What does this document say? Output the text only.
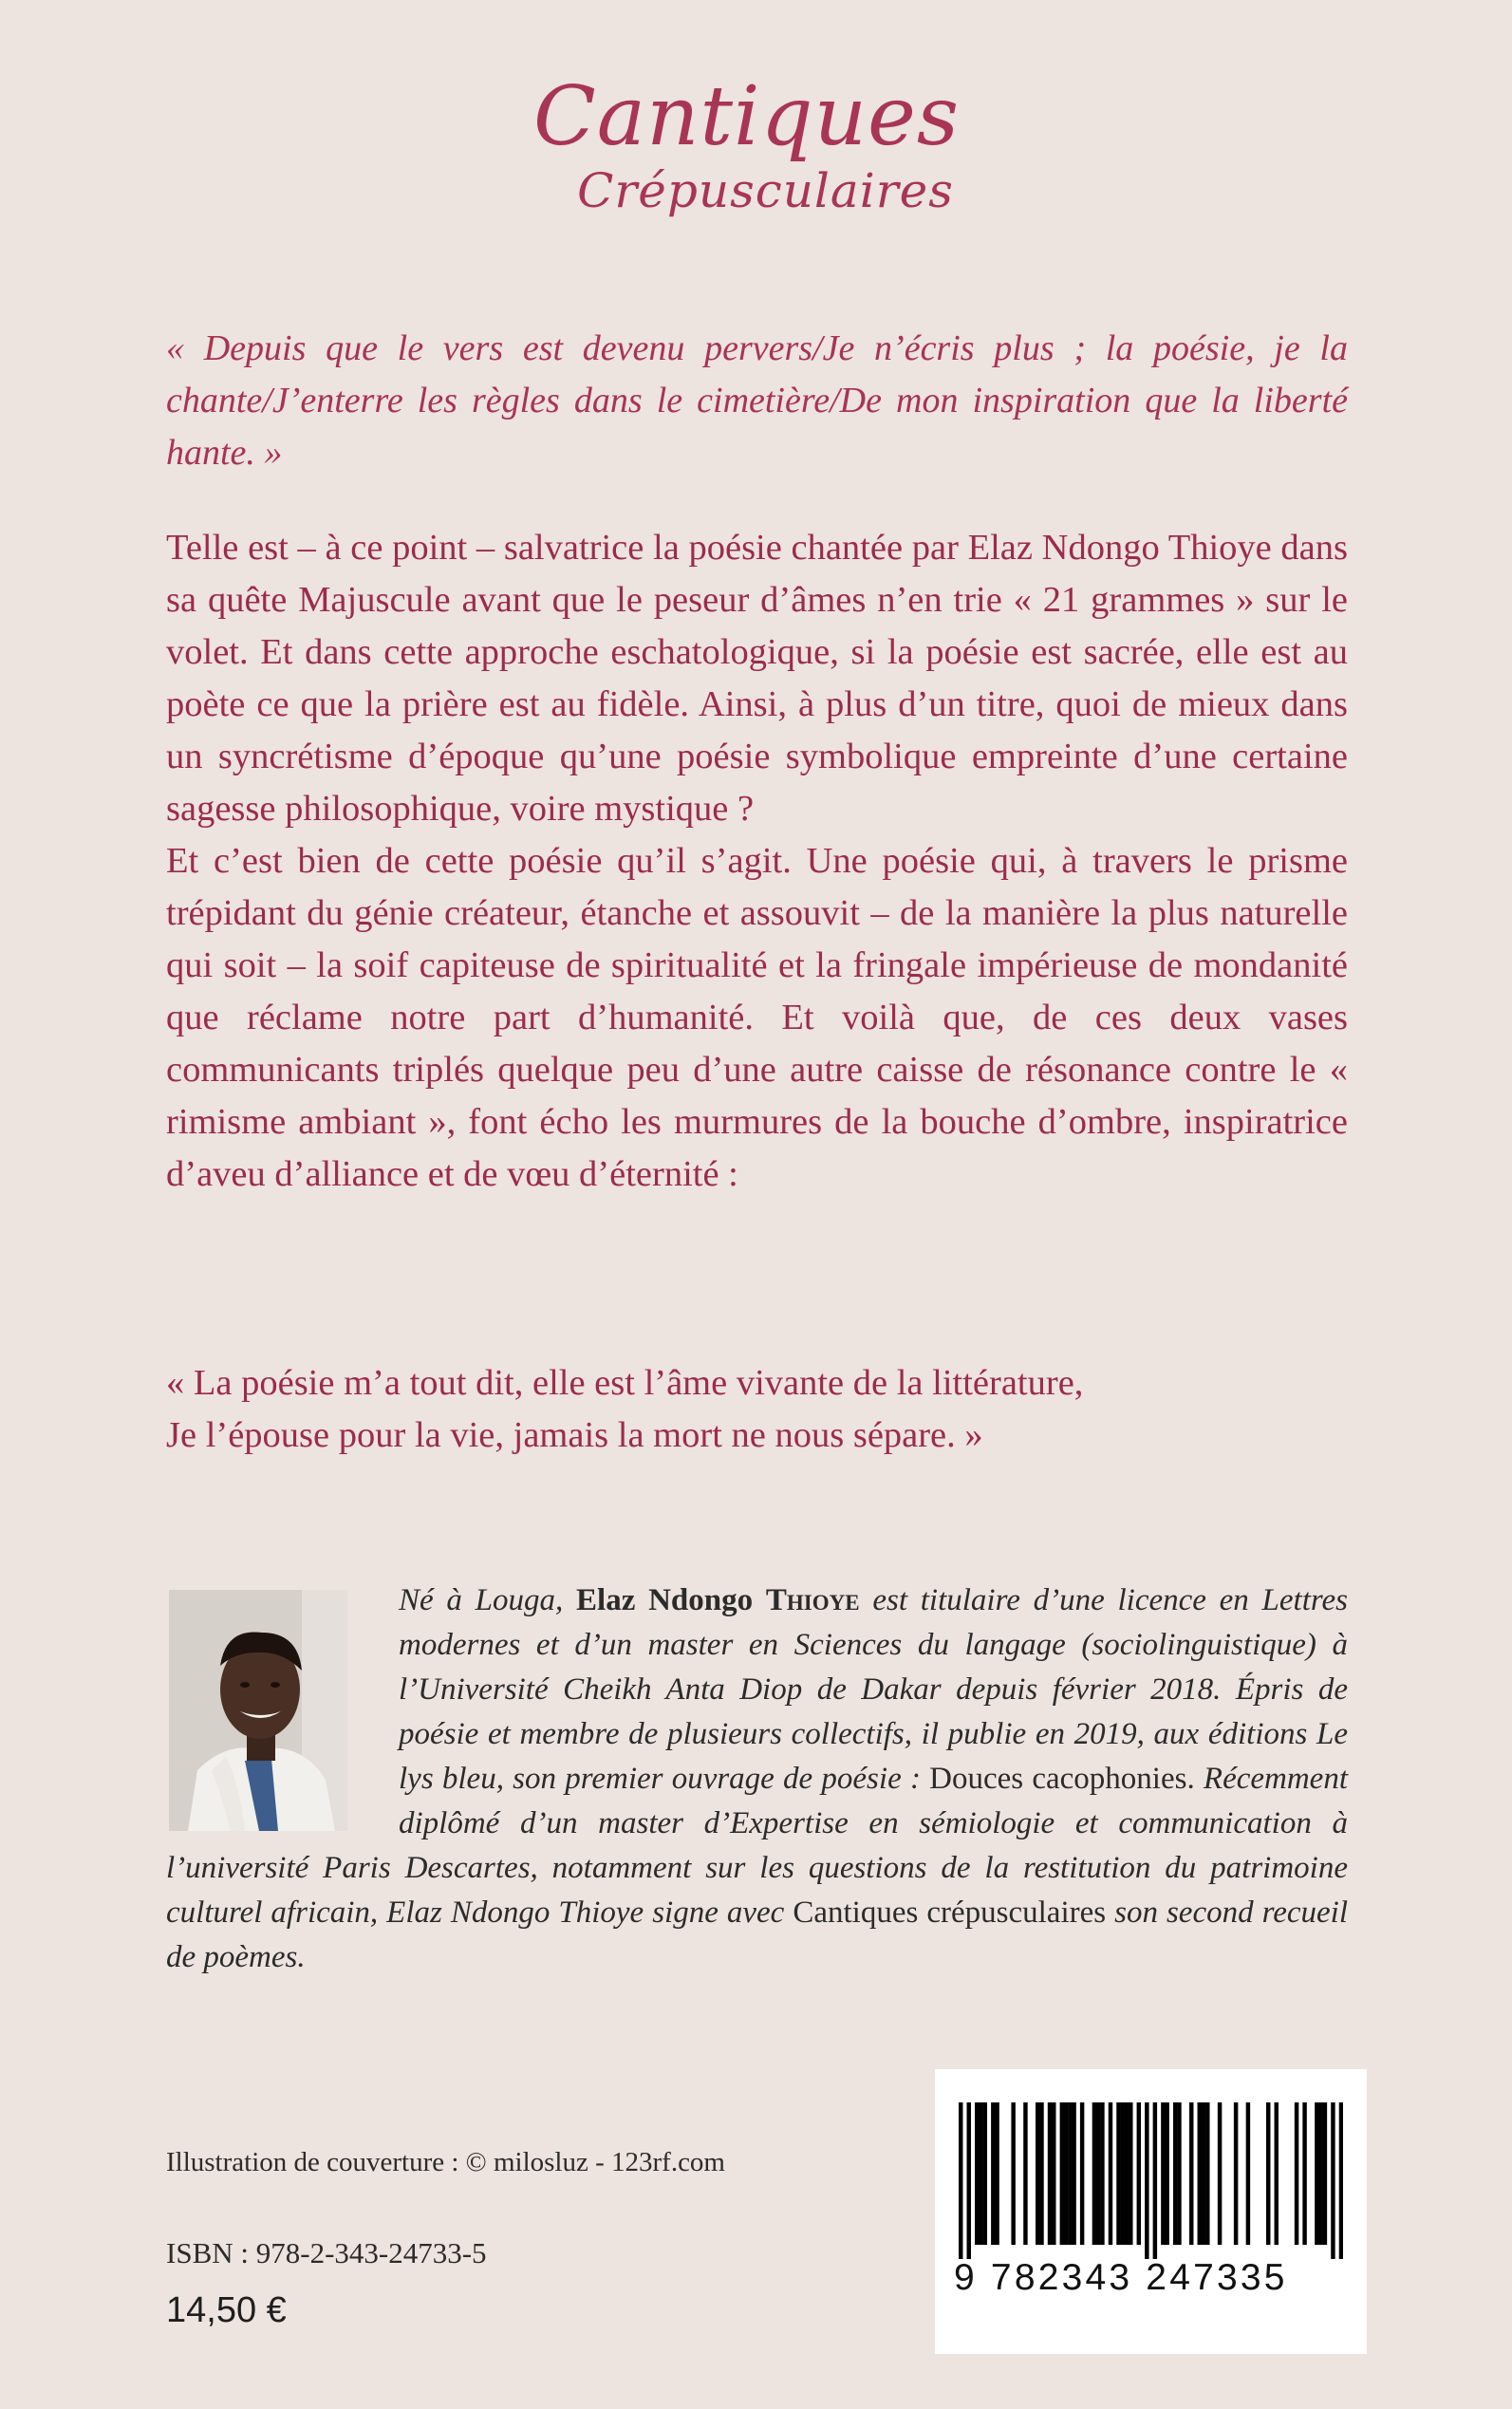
Cantiques
Crépusculaires
« Depuis que le vers est devenu pervers/Je n’écris plus ; la poésie, je la chante/J’enterre les règles dans le cimetière/De mon inspiration que la liberté hante. »

Telle est – à ce point – salvatrice la poésie chantée par Elaz Ndongo Thioye dans sa quête Majuscule avant que le peseur d’âmes n’en trie « 21 grammes » sur le volet. Et dans cette approche eschatologique, si la poésie est sacrée, elle est au poète ce que la prière est au fidèle. Ainsi, à plus d’un titre, quoi de mieux dans un syncrétisme d’époque qu’une poésie symbolique empreinte d’une certaine sagesse philosophique, voire mystique ?

Et c’est bien de cette poésie qu’il s’agit. Une poésie qui, à travers le prisme trépidant du génie créateur, étanche et assouvit – de la manière la plus naturelle qui soit – la soif capiteuse de spiritualité et la fringale impérieuse de mondanité que réclame notre part d’humanité. Et voilà que, de ces deux vases communicants triplés quelque peu d’une autre caisse de résonance contre le « rimisme ambiant », font écho les murmures de la bouche d’ombre, inspiratrice d’aveu d’alliance et de vœu d’éternité :

« La poésie m’a tout dit, elle est l’âme vivante de la littérature,

Je l’épouse pour la vie, jamais la mort ne nous sépare. »

Né à Louga, Elaz Ndongo Thioye est titulaire d’une licence en Lettres modernes et d’un master en Sciences du langage (sociolinguistique) à l’Université Cheikh Anta Diop de Dakar depuis février 2018. Épris de poésie et membre de plusieurs collectifs, il publie en 2019, aux éditions Le lys bleu, son premier ouvrage de poésie : Douces cacophonies. Récemment diplômé d’un master d’Expertise en sémiologie et communication à l’université Paris Descartes, notamment sur les questions de la restitution du patrimoine culturel africain, Elaz Ndongo Thioye signe avec Cantiques crépusculaires son second recueil de poèmes.
Illustration de couverture : © milosluz - 123rf.com
ISBN : 978-2-343-24733-5
14,50 €
9 782343 247335
